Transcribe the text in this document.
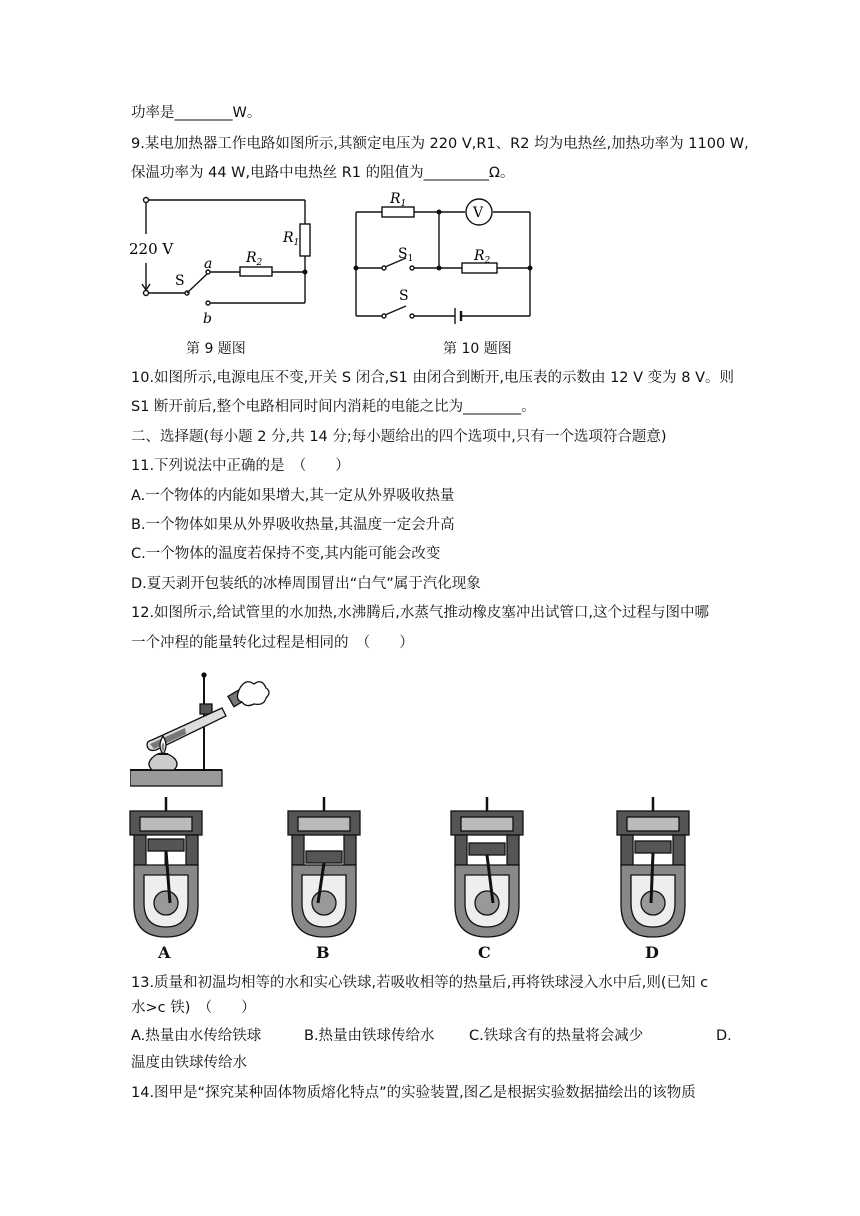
功率是________W。
9.某电加热器工作电路如图所示,其额定电压为 220 V,R1、R2 均为电热丝,加热功率为 1100 W,
保温功率为 44 W,电路中电热丝 R1 的阻值为_________Ω。
220 V
$R_1$
$R_2$
S
a
b
第 9 题图
$R_1$
V
$S_1$	$R_2$
S
第 10 题图
10.如图所示,电源电压不变,开关 S 闭合,S1 由闭合到断开,电压表的示数由 12 V 变为 8 V。则
S1 断开前后,整个电路相同时间内消耗的电能之比为________。
二、选择题(每小题 2 分,共 14 分;每小题给出的四个选项中,只有一个选项符合题意)
11.下列说法中正确的是　（　　）
A.一个物体的内能如果增大,其一定从外界吸收热量
B.一个物体如果从外界吸收热量,其温度一定会升高
C.一个物体的温度若保持不变,其内能可能会改变
D.夏天剥开包装纸的冰棒周围冒出“白气”属于汽化现象
12.如图所示,给试管里的水加热,水沸腾后,水蒸气推动橡皮塞冲出试管口,这个过程与图中哪
一个冲程的能量转化过程是相同的　（　　）
A	B	C	D
13.质量和初温均相等的水和实心铁球,若吸收相等的热量后,再将铁球浸入水中后,则(已知 c
水>c 铁)　（　　）
A.热量由水传给铁球	B.热量由铁球传给水 C.铁球含有的热量将会减少	D.
温度由铁球传给水
14.图甲是“探究某种固体物质熔化特点”的实验装置,图乙是根据实验数据描绘出的该物质
